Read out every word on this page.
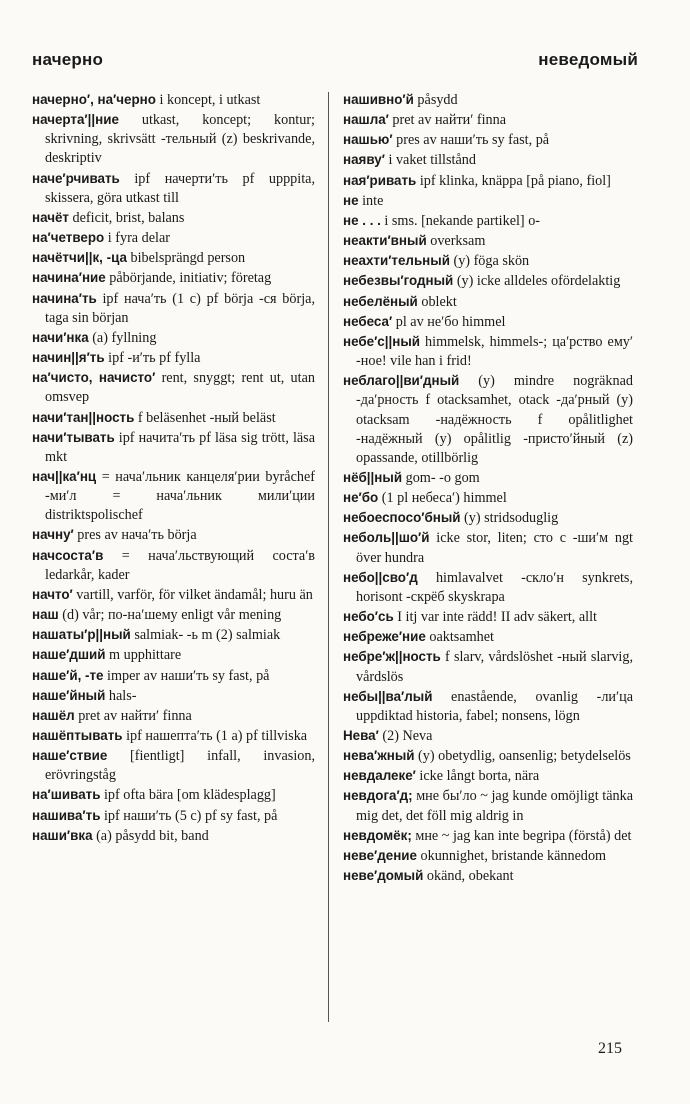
начерно	неведомый

начерно′, на′черно i koncept, i utkast

начерта′||ние utkast, koncept; kontur; skrivning, skrivsätt -тельный (z) beskrivande, deskriptiv

наче′рчивать ipf начерти′ть pf uppрita, skissera, göra utkast till

начёт deficit, brist, balans

на′четверо i fyra delar

начётчи||к, -ца bibelsprängd person

начина′ние påbörjande, initiativ; företag

начина′ть ipf нача′ть (1 c) pf börja -ся börja, taga sin början

начи′нка (a) fyllning

начин||я′ть ipf -и′ть pf fylla

на′чисто, начисто′ rent, snyggt; rent ut, utan omsvep

начи′тан||ность f beläsenhet -ный beläst

начи′тывать ipf начита′ть pf läsa sig trött, läsa mkt

нач||ка′нц = нача′льник канцеля′рии byråchef -ми′л = нача′льник мили′ции distriktspolischef

начну′ pres av нача′ть börja

начсоста′в = нача′льствующий соста′в ledarkår, kader

начто′ vartill, varför, för vilket ändamål; huru än

наш (d) vår; по-на′шему enligt vår mening

нашаты′р||ный salmiak- -ь m (2) salmiak

наше′дший m upphittare

наше′й, -те imper av наши′ть sy fast, på

наше′йный hals-

нашёл pret av найти′ finna

нашёптывать ipf нашепта′ть (1 a) pf tillviska

наше′ствие [fientligt] infall, invasion, erövringståg

на′шивать ipf ofta bära [om klädesplagg]

нашива′ть ipf наши′ть (5 c) pf sy fast, på

наши′вка (a) påsydd bit, band

нашивно′й påsydd

нашла′ pret av найти′ finna

нашью′ pres av наши′ть sy fast, på

наяву′ i vaket tillstånd

ная′ривать ipf klinka, knäppa [på piano, fiol]

не inte

не . . . i sms. [nekande partikel] o-

неакти′вный overksam

неахти′тельный (y) föga skön

небезвы′годный (y) icke alldeles ofördelaktig

небелёный oblekt

небеса′ pl av не′бо himmel

небе′с||ный himmelsk, himmels-; ца′рство ему′ -ное! vile han i frid!

неблаго||ви′дный (y) mindre nogräknad -да′рность f otacksamhet, otack -да′рный (y) otacksam -надёжность f opålitlighet -надёжный (y) opålitlig -присто′йный (z) opassande, otillbörlig

нёб||ный gom- -o gom

не′бо (1 pl небеса′) himmel

небоеспосо′бный (y) stridsoduglig

неболь||шо′й icke stor, liten; сто с -ши′м ngt över hundra

небо||сво′д himlavalvet -скло′н synkrets, horisont -скрёб skyskrapa

небо′сь I itj var inte rädd! II adv säkert, allt

небреже′ние oaktsamhet

небре′ж||ность f slarv, vårdslöshet -ный slarvig, vårdslös

небы||ва′лый enastående, ovanlig -ли′ца uppdiktad historia, fabel; nonsens, lögn

Нева′ (2) Neva

нева′жный (y) obetydlig, oansenlig; betydelselös

невдалеке′ icke långt borta, nära

невдога′д; мне бы′ло ~ jag kunde omöjligt tänka mig det, det föll mig aldrig in

невдомёк; мне ~ jag kan inte begripa (förstå) det

неве′дение okunnighet, bristande kännedom

неве′домый okänd, obekant

215
